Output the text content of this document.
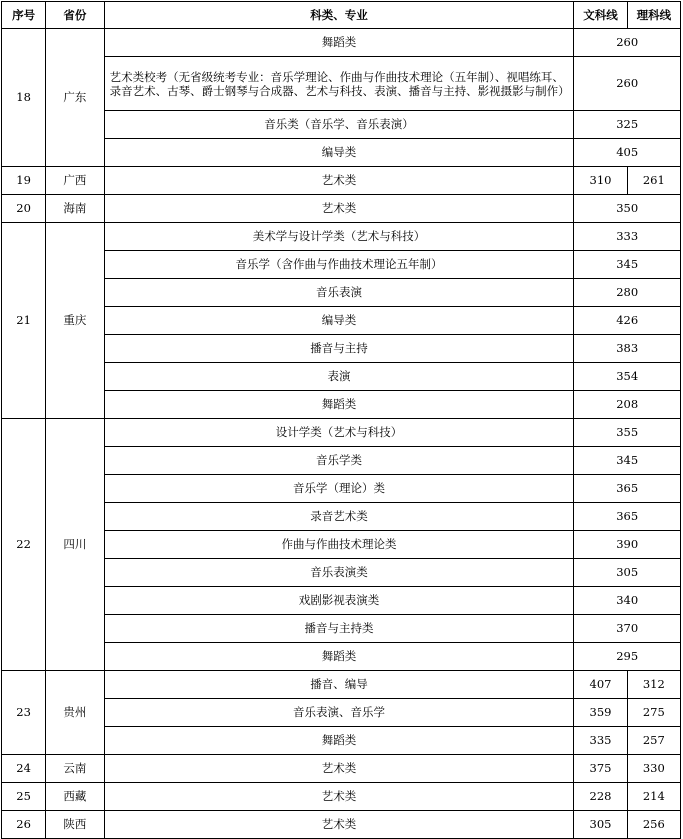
序号	省份	科类、专业	文科线	理科线
18	广东	舞蹈类	260	
		艺术类校考（无省级统考专业：音乐学理论、作曲与作曲技术理论（五年制）、视唱练耳、录音艺术、古琴、爵士钢琴与合成器、艺术与科技、表演、播音与主持、影视摄影与制作）	260	
		音乐类（音乐学、音乐表演）	325	
		编导类	405	
19	广西	艺术类	310	261
20	海南	艺术类	350	
21	重庆	美术学与设计学类（艺术与科技）	333	
		音乐学（含作曲与作曲技术理论五年制）	345	
		音乐表演	280	
		编导类	426	
		播音与主持	383	
		表演	354	
		舞蹈类	208	
22	四川	设计学类（艺术与科技）	355	
		音乐学类	345	
		音乐学（理论）类	365	
		录音艺术类	365	
		作曲与作曲技术理论类	390	
		音乐表演类	305	
		戏剧影视表演类	340	
		播音与主持类	370	
		舞蹈类	295	
23	贵州	播音、编导	407	312
		音乐表演、音乐学	359	275
		舞蹈类	335	257
24	云南	艺术类	375	330
25	西藏	艺术类	228	214
26	陕西	艺术类	305	256
